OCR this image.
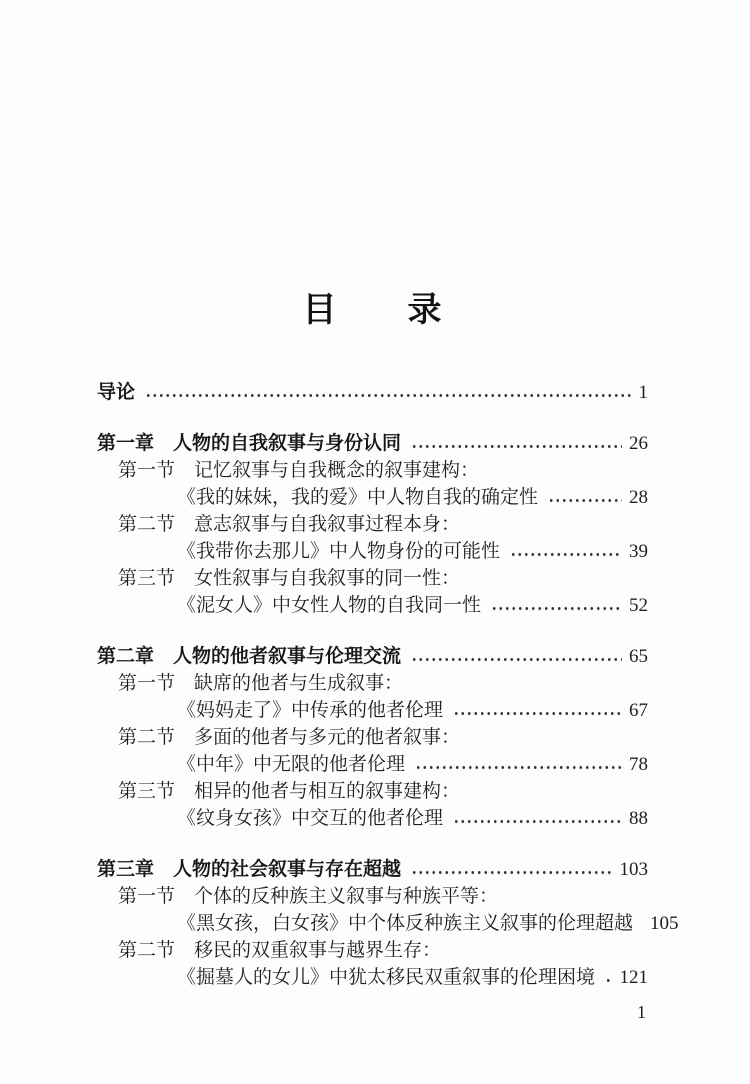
目　　录
导论	1
第一章　人物的自我叙事与身份认同	26
第一节　记忆叙事与自我概念的叙事建构：
《我的妹妹，我的爱》中人物自我的确定性	28
第二节　意志叙事与自我叙事过程本身：
《我带你去那儿》中人物身份的可能性	39
第三节　女性叙事与自我叙事的同一性：
《泥女人》中女性人物的自我同一性	52
第二章　人物的他者叙事与伦理交流	65
第一节　缺席的他者与生成叙事：
《妈妈走了》中传承的他者伦理	67
第二节　多面的他者与多元的他者叙事：
《中年》中无限的他者伦理	78
第三节　相异的他者与相互的叙事建构：
《纹身女孩》中交互的他者伦理	88
第三章　人物的社会叙事与存在超越	103
第一节　个体的反种族主义叙事与种族平等：
《黑女孩，白女孩》中个体反种族主义叙事的伦理超越 105
第二节　移民的双重叙事与越界生存：
《掘墓人的女儿》中犹太移民双重叙事的伦理困境 121
1
